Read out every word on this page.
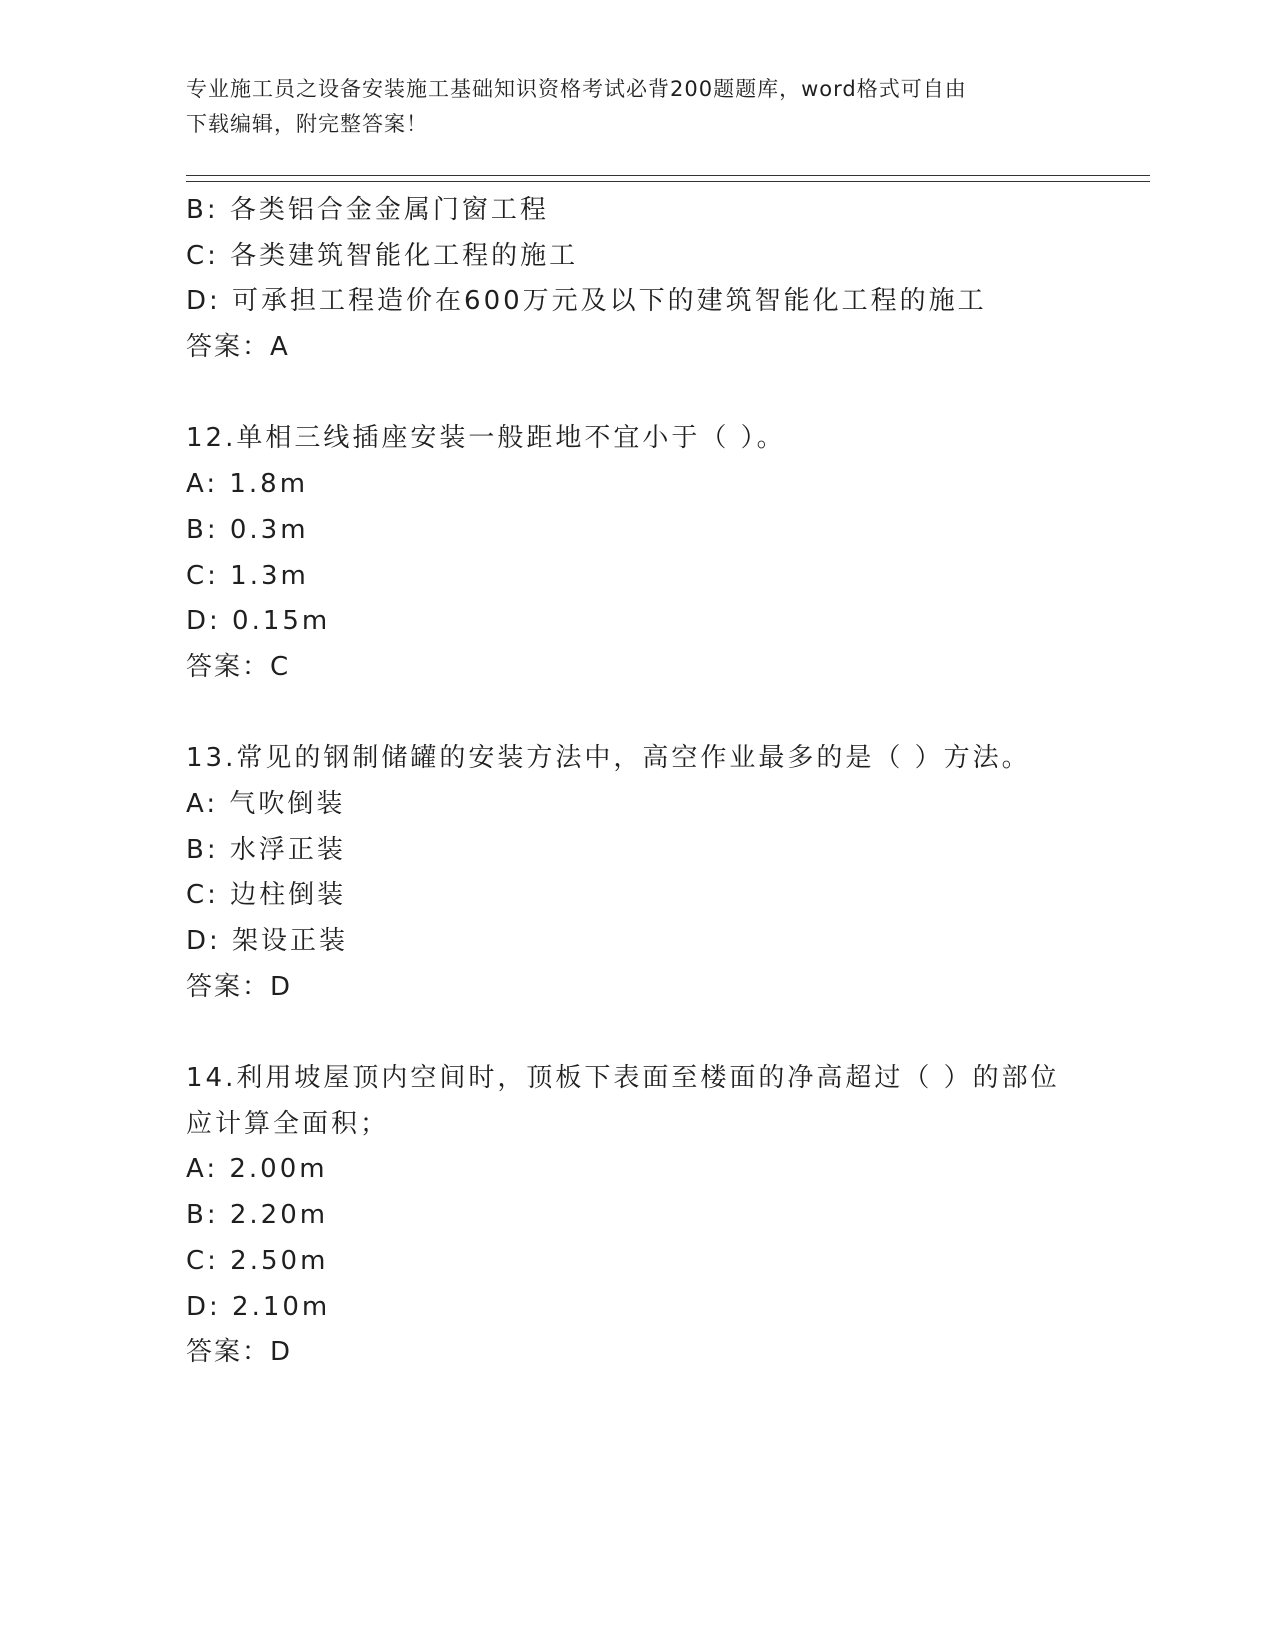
专业施工员之设备安装施工基础知识资格考试必背200题题库，word格式可自由
下载编辑，附完整答案！
B: 各类铝合金金属门窗工程
C: 各类建筑智能化工程的施工
D: 可承担工程造价在600万元及以下的建筑智能化工程的施工
答案：A
12.单相三线插座安装一般距地不宜小于（ ）。
A: 1.8m
B: 0.3m
C: 1.3m
D: 0.15m
答案：C
13.常见的钢制储罐的安装方法中，高空作业最多的是（ ）方法。
A: 气吹倒装
B: 水浮正装
C: 边柱倒装
D: 架设正装
答案：D
14.利用坡屋顶内空间时，顶板下表面至楼面的净高超过（ ）的部位
应计算全面积；
A: 2.00m
B: 2.20m
C: 2.50m
D: 2.10m
答案：D
